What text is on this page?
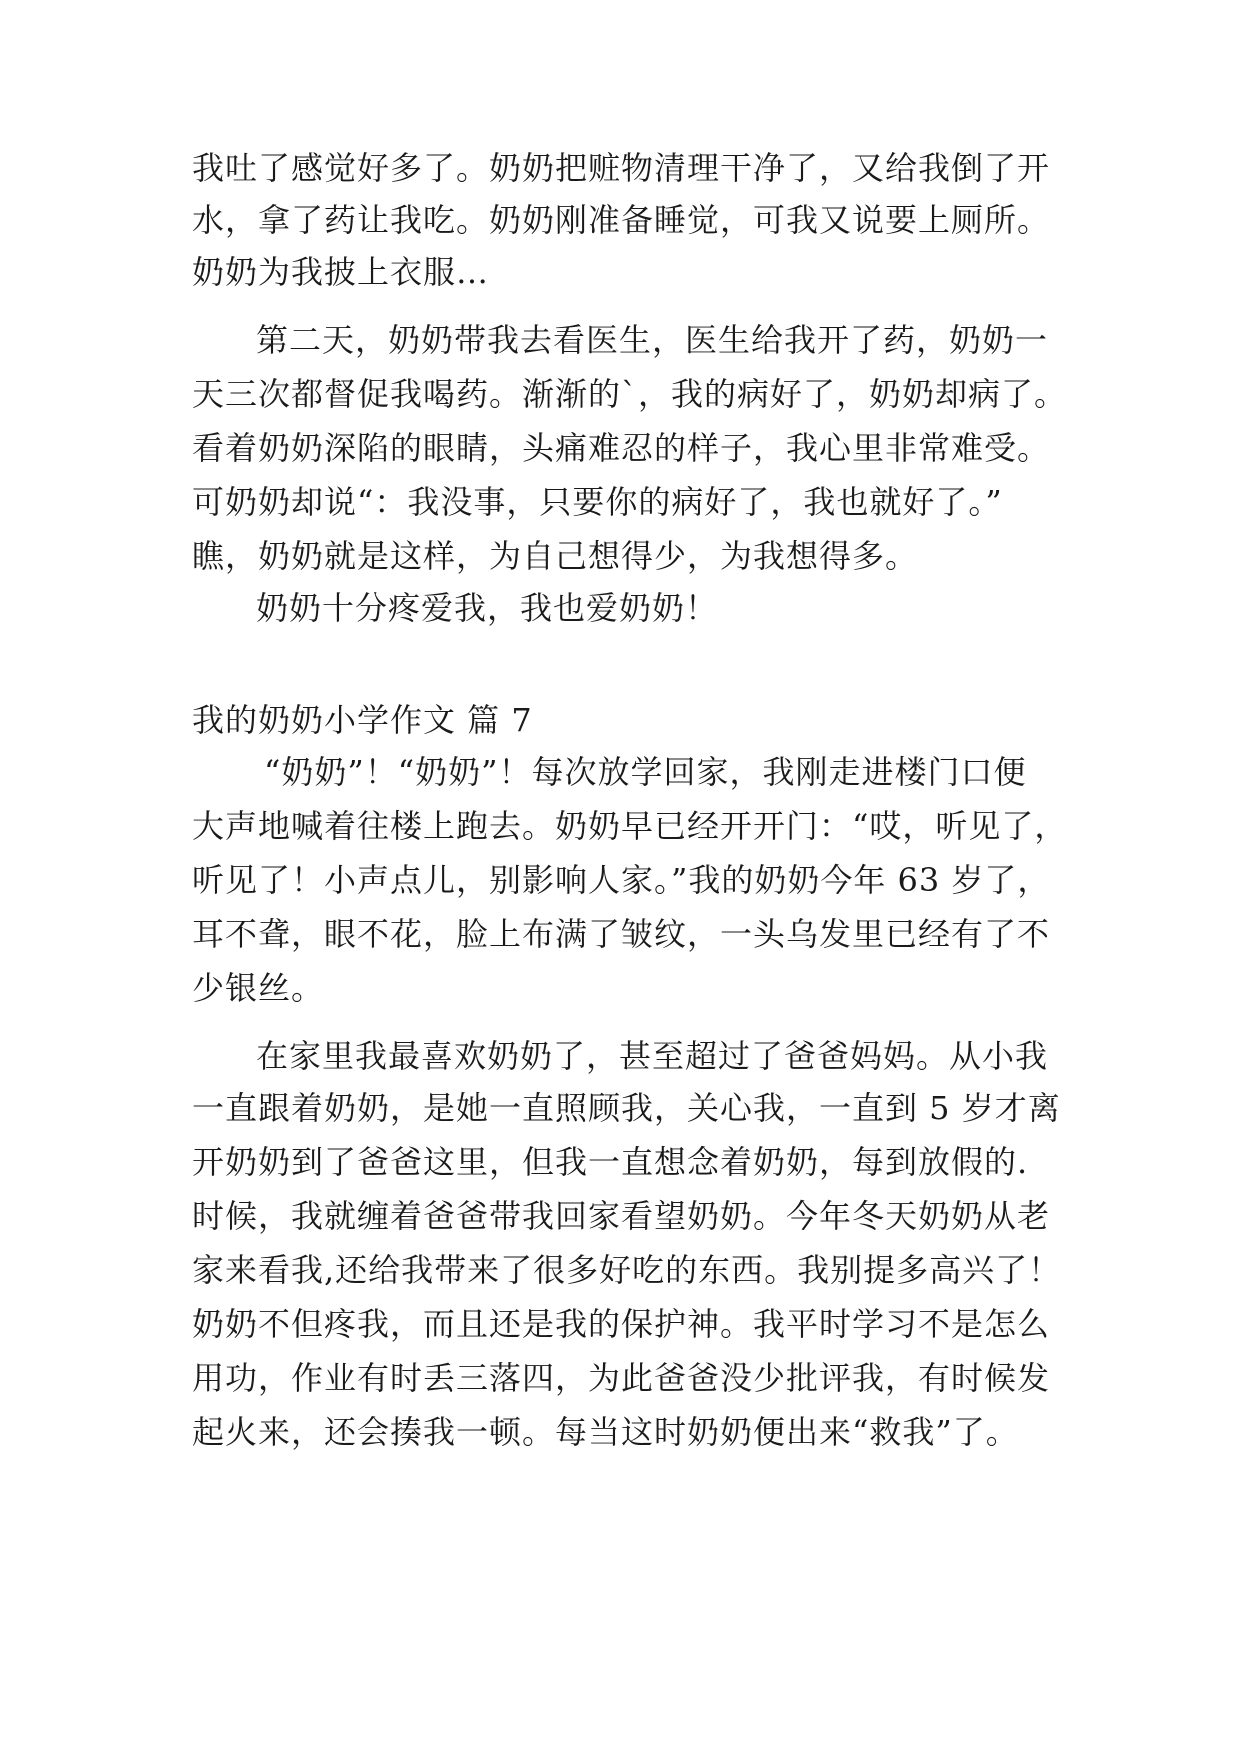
我吐了感觉好多了。奶奶把赃物清理干净了，又给我倒了开
水，拿了药让我吃。奶奶刚准备睡觉，可我又说要上厕所。
奶奶为我披上衣服…
第二天，奶奶带我去看医生，医生给我开了药，奶奶一
天三次都督促我喝药。渐渐的`，我的病好了，奶奶却病了。
看着奶奶深陷的眼睛，头痛难忍的样子，我心里非常难受。
可奶奶却说“：我没事，只要你的病好了，我也就好了。”
瞧，奶奶就是这样，为自己想得少，为我想得多。
奶奶十分疼爱我，我也爱奶奶！
我的奶奶小学作文 篇 7
“奶奶”！“奶奶”！每次放学回家，我刚走进楼门口便
大声地喊着往楼上跑去。奶奶早已经开开门：“哎，听见了，
听见了！小声点儿，别影响人家。”我的奶奶今年 63 岁了，
耳不聋，眼不花，脸上布满了皱纹，一头乌发里已经有了不
少银丝。
在家里我最喜欢奶奶了，甚至超过了爸爸妈妈。从小我
一直跟着奶奶，是她一直照顾我，关心我，一直到 5 岁才离
开奶奶到了爸爸这里，但我一直想念着奶奶，每到放假的.
时候，我就缠着爸爸带我回家看望奶奶。今年冬天奶奶从老
家来看我,还给我带来了很多好吃的东西。我别提多高兴了！
奶奶不但疼我，而且还是我的保护神。我平时学习不是怎么
用功，作业有时丢三落四，为此爸爸没少批评我，有时候发
起火来，还会揍我一顿。每当这时奶奶便出来“救我”了。
